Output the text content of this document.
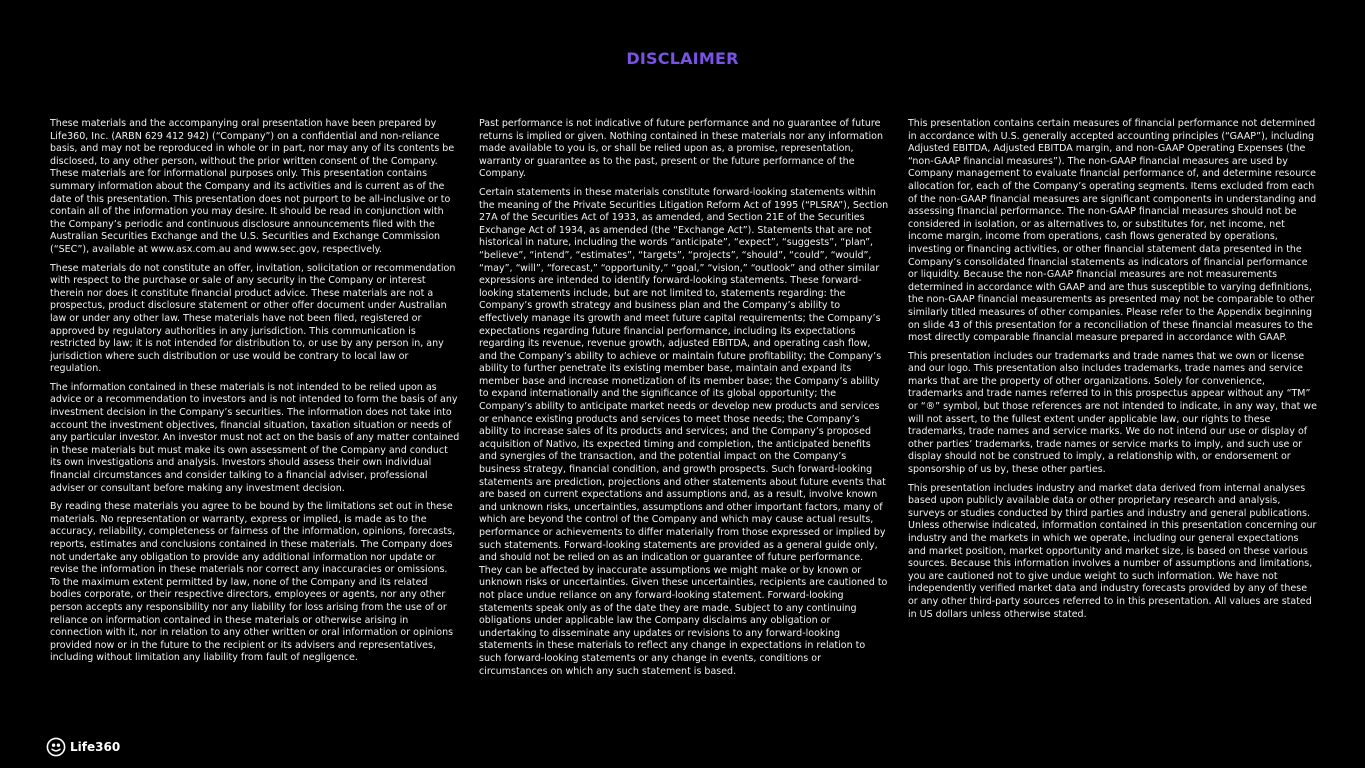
DISCLAIMER

These materials and the accompanying oral presentation have been prepared by Life360, Inc. (ARBN 629 412 942) (“Company”) on a confidential and non-reliance basis, and may not be reproduced in whole or in part, nor may any of its contents be disclosed, to any other person, without the prior written consent of the Company. These materials are for informational purposes only. This presentation contains summary information about the Company and its activities and is current as of the date of this presentation. This presentation does not purport to be all-inclusive or to contain all of the information you may desire. It should be read in conjunction with the Company’s periodic and continuous disclosure announcements filed with the Australian Securities Exchange and the U.S. Securities and Exchange Commission (“SEC”), available at www.asx.com.au and www.sec.gov, respectively.

These materials do not constitute an offer, invitation, solicitation or recommendation with respect to the purchase or sale of any security in the Company or interest therein nor does it constitute financial product advice. These materials are not a prospectus, product disclosure statement or other offer document under Australian law or under any other law. These materials have not been filed, registered or approved by regulatory authorities in any jurisdiction. This communication is restricted by law; it is not intended for distribution to, or use by any person in, any jurisdiction where such distribution or use would be contrary to local law or regulation.

The information contained in these materials is not intended to be relied upon as advice or a recommendation to investors and is not intended to form the basis of any investment decision in the Company’s securities. The information does not take into account the investment objectives, financial situation, taxation situation or needs of any particular investor. An investor must not act on the basis of any matter contained in these materials but must make its own assessment of the Company and conduct its own investigations and analysis. Investors should assess their own individual financial circumstances and consider talking to a financial adviser, professional adviser or consultant before making any investment decision.

By reading these materials you agree to be bound by the limitations set out in these materials. No representation or warranty, express or implied, is made as to the accuracy, reliability, completeness or fairness of the information, opinions, forecasts, reports, estimates and conclusions contained in these materials. The Company does not undertake any obligation to provide any additional information nor update or revise the information in these materials nor correct any inaccuracies or omissions. To the maximum extent permitted by law, none of the Company and its related bodies corporate, or their respective directors, employees or agents, nor any other person accepts any responsibility nor any liability for loss arising from the use of or reliance on information contained in these materials or otherwise arising in connection with it, nor in relation to any other written or oral information or opinions provided now or in the future to the recipient or its advisers and representatives, including without limitation any liability from fault of negligence.

Past performance is not indicative of future performance and no guarantee of future returns is implied or given. Nothing contained in these materials nor any information made available to you is, or shall be relied upon as, a promise, representation, warranty or guarantee as to the past, present or the future performance of the Company.

Certain statements in these materials constitute forward-looking statements within the meaning of the Private Securities Litigation Reform Act of 1995 (“PLSRA”), Section 27A of the Securities Act of 1933, as amended, and Section 21E of the Securities Exchange Act of 1934, as amended (the “Exchange Act”). Statements that are not historical in nature, including the words “anticipate”, “expect”, “suggests”, “plan”, “believe”, “intend”, “estimates”, “targets”, “projects”, “should”, “could”, “would”, “may”, “will”, “forecast,” “opportunity,” “goal,” “vision,” “outlook” and other similar expressions are intended to identify forward-looking statements. These forward-looking statements include, but are not limited to, statements regarding: the Company’s growth strategy and business plan and the Company’s ability to effectively manage its growth and meet future capital requirements; the Company’s expectations regarding future financial performance, including its expectations regarding its revenue, revenue growth, adjusted EBITDA, and operating cash flow, and the Company’s ability to achieve or maintain future profitability; the Company’s ability to further penetrate its existing member base, maintain and expand its member base and increase monetization of its member base; the Company’s ability to expand internationally and the significance of its global opportunity; the Company’s ability to anticipate market needs or develop new products and services or enhance existing products and services to meet those needs; the Company’s ability to increase sales of its products and services; and the Company’s proposed acquisition of Nativo, its expected timing and completion, the anticipated benefits and synergies of the transaction, and the potential impact on the Company’s business strategy, financial condition, and growth prospects. Such forward-looking statements are prediction, projections and other statements about future events that are based on current expectations and assumptions and, as a result, involve known and unknown risks, uncertainties, assumptions and other important factors, many of which are beyond the control of the Company and which may cause actual results, performance or achievements to differ materially from those expressed or implied by such statements. Forward-looking statements are provided as a general guide only, and should not be relied on as an indication or guarantee of future performance. They can be affected by inaccurate assumptions we might make or by known or unknown risks or uncertainties. Given these uncertainties, recipients are cautioned to not place undue reliance on any forward-looking statement. Forward-looking statements speak only as of the date they are made. Subject to any continuing obligations under applicable law the Company disclaims any obligation or undertaking to disseminate any updates or revisions to any forward-looking statements in these materials to reflect any change in expectations in relation to such forward-looking statements or any change in events, conditions or circumstances on which any such statement is based.

This presentation contains certain measures of financial performance not determined in accordance with U.S. generally accepted accounting principles (“GAAP”), including Adjusted EBITDA, Adjusted EBITDA margin, and non-GAAP Operating Expenses (the “non-GAAP financial measures”). The non-GAAP financial measures are used by Company management to evaluate financial performance of, and determine resource allocation for, each of the Company’s operating segments. Items excluded from each of the non-GAAP financial measures are significant components in understanding and assessing financial performance. The non-GAAP financial measures should not be considered in isolation, or as alternatives to, or substitutes for, net income, net income margin, income from operations, cash flows generated by operations, investing or financing activities, or other financial statement data presented in the Company’s consolidated financial statements as indicators of financial performance or liquidity. Because the non-GAAP financial measures are not measurements determined in accordance with GAAP and are thus susceptible to varying definitions, the non-GAAP financial measurements as presented may not be comparable to other similarly titled measures of other companies. Please refer to the Appendix beginning on slide 43 of this presentation for a reconciliation of these financial measures to the most directly comparable financial measure prepared in accordance with GAAP.

This presentation includes our trademarks and trade names that we own or license and our logo. This presentation also includes trademarks, trade names and service marks that are the property of other organizations. Solely for convenience, trademarks and trade names referred to in this prospectus appear without any “TM” or “®” symbol, but those references are not intended to indicate, in any way, that we will not assert, to the fullest extent under applicable law, our rights to these trademarks, trade names and service marks. We do not intend our use or display of other parties’ trademarks, trade names or service marks to imply, and such use or display should not be construed to imply, a relationship with, or endorsement or sponsorship of us by, these other parties.

This presentation includes industry and market data derived from internal analyses based upon publicly available data or other proprietary research and analysis, surveys or studies conducted by third parties and industry and general publications. Unless otherwise indicated, information contained in this presentation concerning our industry and the markets in which we operate, including our general expectations and market position, market opportunity and market size, is based on these various sources. Because this information involves a number of assumptions and limitations, you are cautioned not to give undue weight to such information. We have not independently verified market data and industry forecasts provided by any of these or any other third-party sources referred to in this presentation. All values are stated in US dollars unless otherwise stated.

Life360
